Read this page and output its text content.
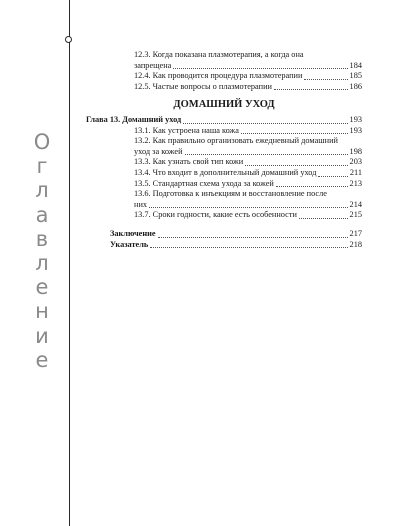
О
г
л
а
в
л
е
н
и
е
12.3. Когда показана плазмотерапия, а когда она
запрещена	184
12.4. Как проводится процедура плазмотерапии	185
12.5. Частые вопросы о плазмотерапии	186
ДОМАШНИЙ УХОД
Глава 13. Домашний уход	193
13.1. Как устроена наша кожа	193
13.2. Как правильно организовать ежедневный домашний
уход за кожей	198
13.3. Как узнать свой тип кожи	203
13.4. Что входит в дополнительный домашний уход	211
13.5. Стандартная схема ухода за кожей	213
13.6. Подготовка к инъекциям и восстановление после
них	214
13.7. Сроки годности, какие есть особенности	215
Заключение	217
Указатель	218
